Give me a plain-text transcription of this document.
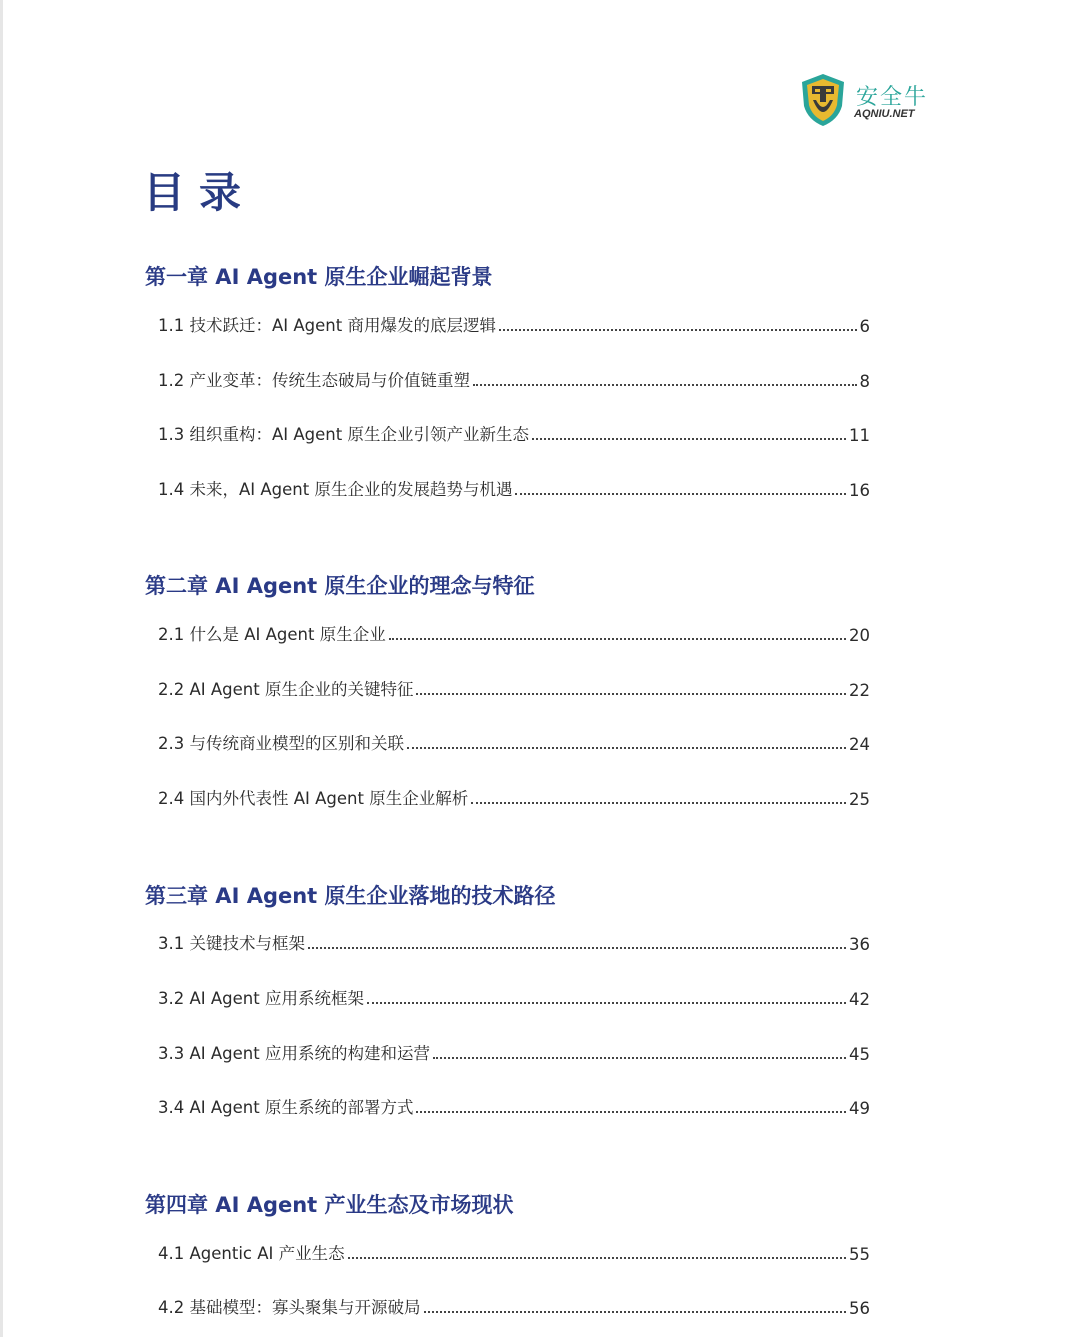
安全牛
AQNIU.NET
目录
第一章 AI Agent 原生企业崛起背景
1.1 技术跃迁：AI Agent 商用爆发的底层逻辑	6
1.2 产业变革：传统生态破局与价值链重塑	8
1.3 组织重构：AI Agent 原生企业引领产业新生态	11
1.4 未来，AI Agent 原生企业的发展趋势与机遇	16
第二章 AI Agent 原生企业的理念与特征
2.1 什么是 AI Agent 原生企业	20
2.2 AI Agent 原生企业的关键特征	22
2.3 与传统商业模型的区别和关联	24
2.4 国内外代表性 AI Agent 原生企业解析	25
第三章 AI Agent 原生企业落地的技术路径
3.1 关键技术与框架	36
3.2 AI Agent 应用系统框架	42
3.3 AI Agent 应用系统的构建和运营	45
3.4 AI Agent 原生系统的部署方式	49
第四章 AI Agent 产业生态及市场现状
4.1 Agentic AI 产业生态	55
4.2 基础模型：寡头聚集与开源破局	56
